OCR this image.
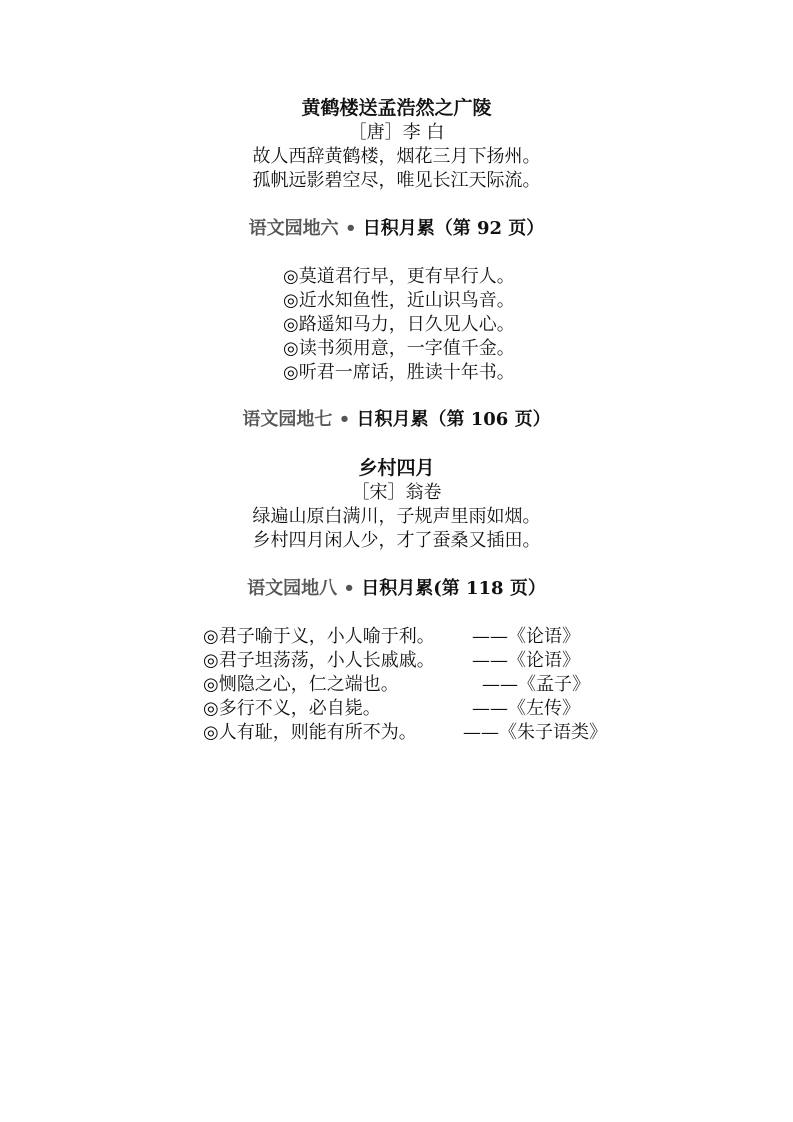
黄鹤楼送孟浩然之广陵
［唐］李 白
故人西辞黄鹤楼，烟花三月下扬州。
孤帆远影碧空尽，唯见长江天际流。
语文园地六 • 日积月累（第 92 页）
◎莫道君行早，更有早行人。
◎近水知鱼性，近山识鸟音。
◎路遥知马力，日久见人心。
◎读书须用意，一字值千金。
◎听君一席话，胜读十年书。
语文园地七 • 日积月累（第 106 页）
乡村四月
［宋］翁卷
绿遍山原白满川，子规声里雨如烟。
乡村四月闲人少，才了蚕桑又插田。
语文园地八 • 日积月累(第 118 页）
◎君子喻于义，小人喻于利。 ——《论语》
◎君子坦荡荡，小人长戚戚。 ——《论语》
◎恻隐之心，仁之端也。	——《孟子》
◎多行不义，必自毙。	——《左传》
◎人有耻，则能有所不为。	——《朱子语类》
